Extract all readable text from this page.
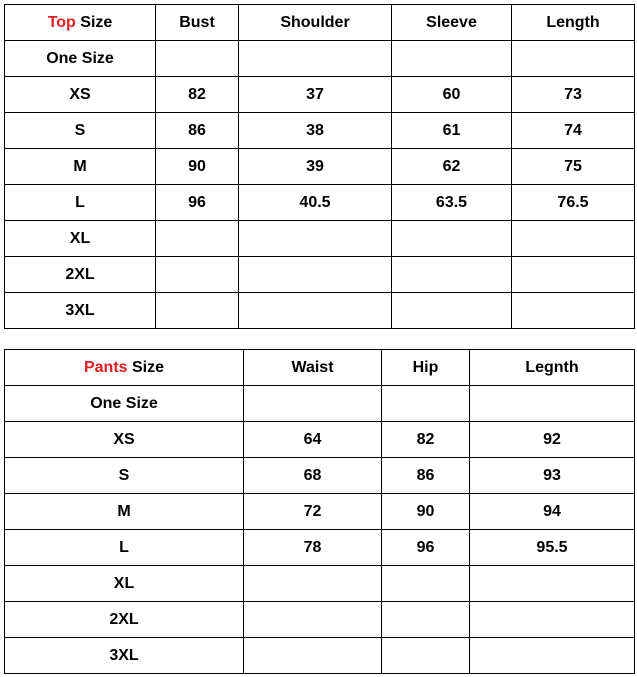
Top Size	Bust	Shoulder	Sleeve	Length
One Size				
XS	82	37	60	73
S	86	38	61	74
M	90	39	62	75
L	96	40.5	63.5	76.5
XL				
2XL				
3XL				
Pants Size	Waist	Hip	Legnth
One Size			
XS	64	82	92
S	68	86	93
M	72	90	94
L	78	96	95.5
XL			
2XL			
3XL			
